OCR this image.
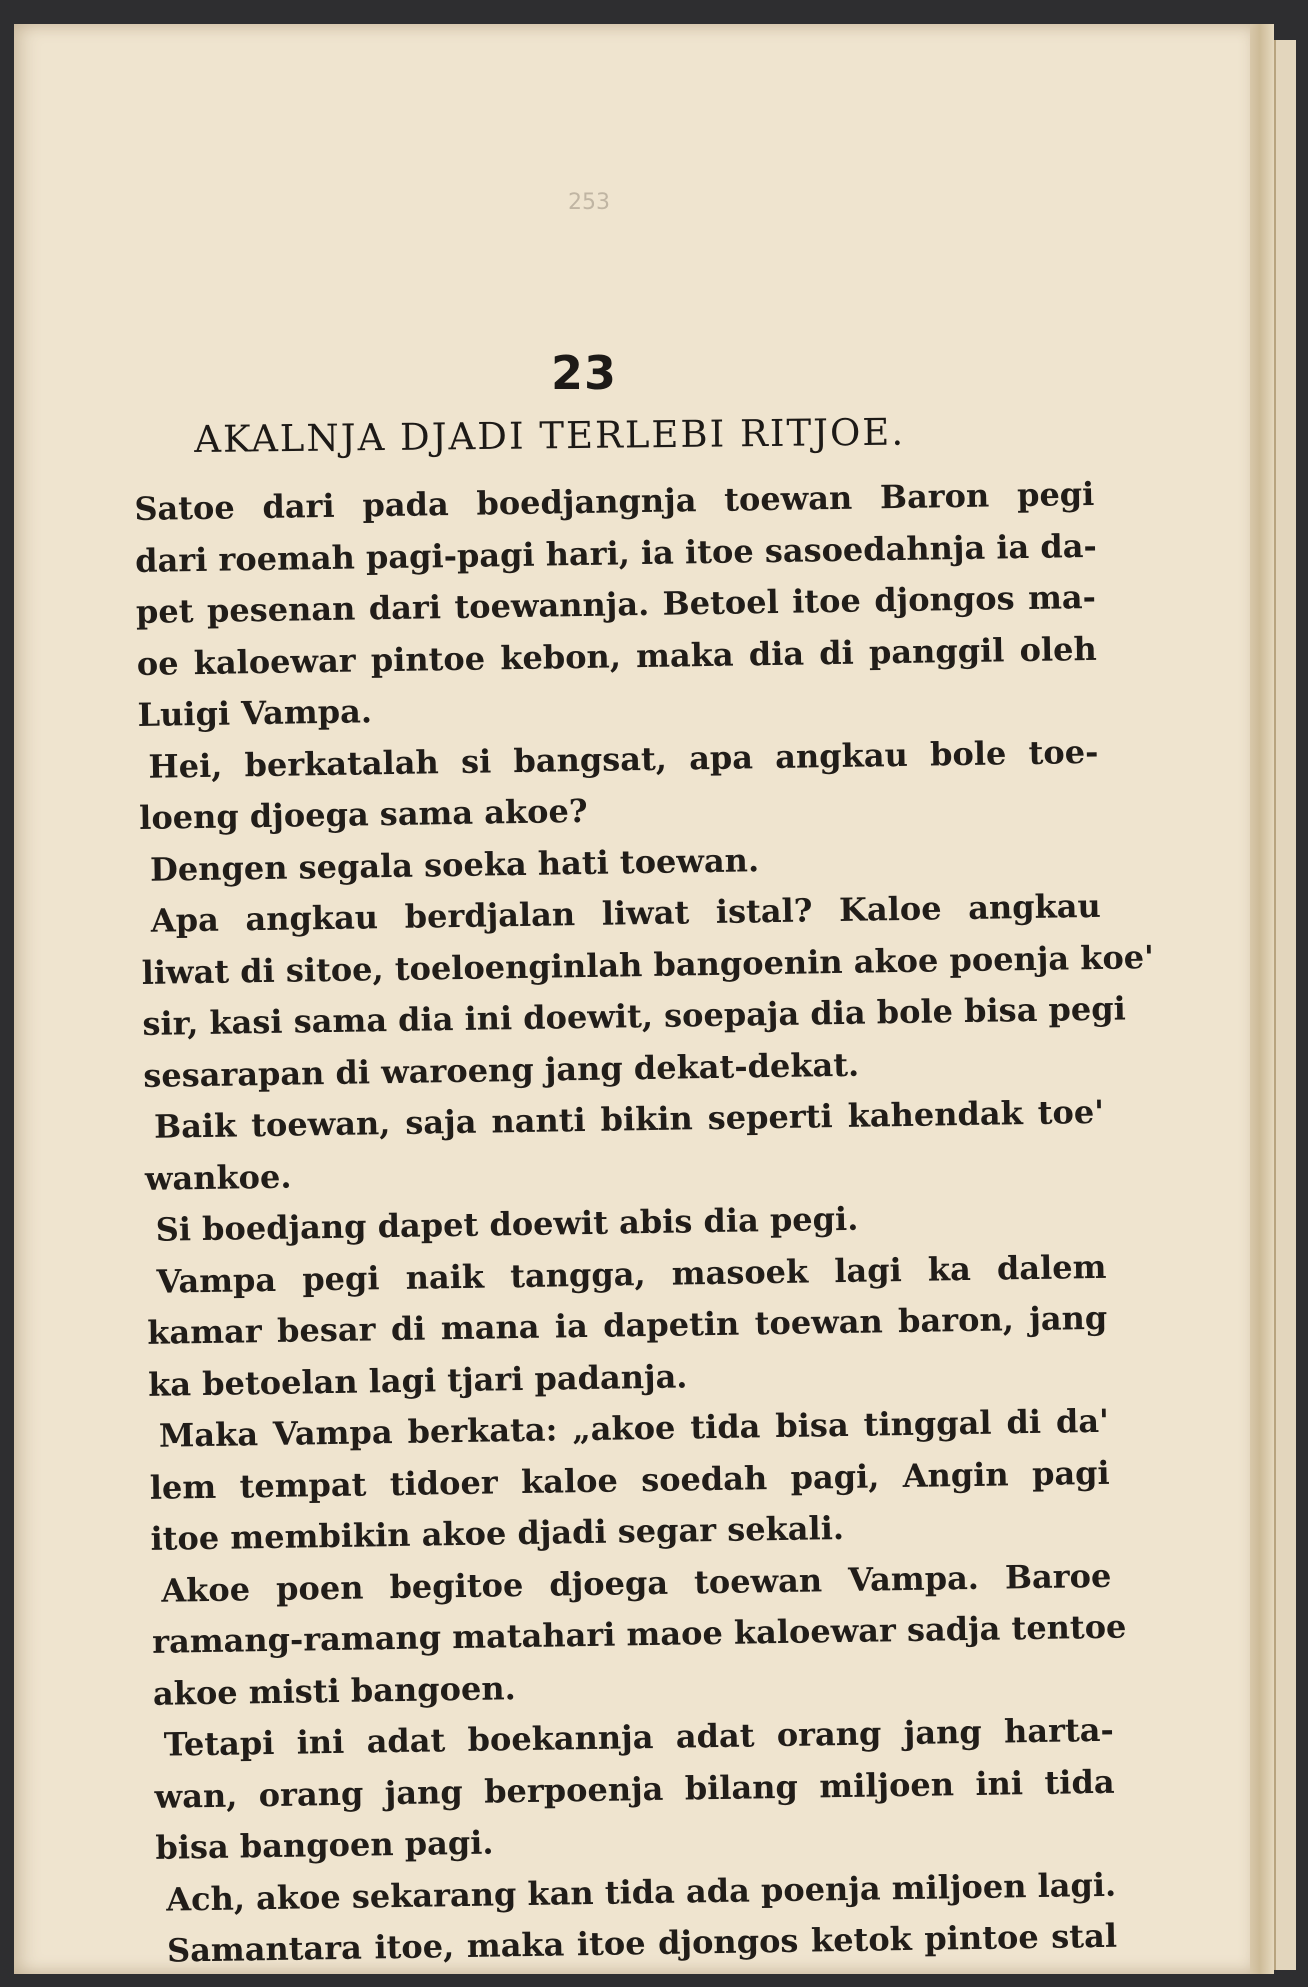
253
23
AKALNJA DJADI TERLEBI RITJOE.
Satoe dari pada boedjangnja toewan Baron pegi
dari roemah pagi-pagi hari, ia itoe sasoedahnja ia da-
pet pesenan dari toewannja. Betoel itoe djongos ma-
oe kaloewar pintoe kebon, maka dia di panggil oleh
Luigi Vampa.
Hei, berkatalah si bangsat, apa angkau bole toe-
loeng djoega sama akoe?
Dengen segala soeka hati toewan.
Apa angkau berdjalan liwat istal? Kaloe angkau
liwat di sitoe, toeloenginlah bangoenin akoe poenja koe'
sir, kasi sama dia ini doewit, soepaja dia bole bisa pegi
sesarapan di waroeng jang dekat-dekat.
Baik toewan, saja nanti bikin seperti kahendak toe'
wankoe.
Si boedjang dapet doewit abis dia pegi.
Vampa pegi naik tangga, masoek lagi ka dalem
kamar besar di mana ia dapetin toewan baron, jang
ka betoelan lagi tjari padanja.
Maka Vampa berkata: „akoe tida bisa tinggal di da'
lem tempat tidoer kaloe soedah pagi, Angin pagi
itoe membikin akoe djadi segar sekali.
Akoe poen begitoe djoega toewan Vampa. Baroe
ramang-ramang matahari maoe kaloewar sadja tentoe
akoe misti bangoen.
Tetapi ini adat boekannja adat orang jang harta-
wan, orang jang berpoenja bilang miljoen ini tida
bisa bangoen pagi.
Ach, akoe sekarang kan tida ada poenja miljoen lagi.
Samantara itoe, maka itoe djongos ketok pintoe stal
